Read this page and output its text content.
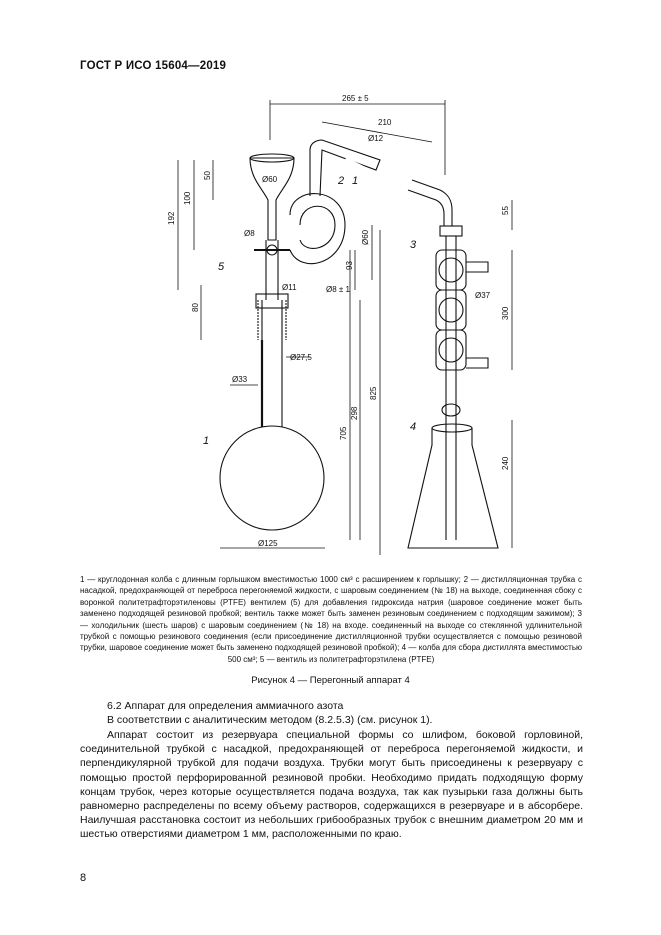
ГОСТ Р ИСО 15604—2019
265 ± 5
210
Ø12
50
100
192
Ø60
Ø8
55
Ø60
93
Ø8 ± 1
Ø11
80
Ø37
300
Ø27,5
Ø33
298
705
825
240
Ø125
1
2 1
3
4
5
1 — круглодонная колба с длинным горлышком вместимостью 1000 см³ с расширением к горлышку; 2 — дистилляционная трубка с насадкой, предохраняющей от переброса перегоняемой жидкости, с шаровым соединением (№ 18) на выходе, соединенная сбоку с воронкой политетрафторэтиленовы (PTFE) вентилем (5) для добавления гидроксида натрия (шаровое соединение может быть заменено подходящей резиновой пробкой; вентиль также может быть заменен резиновым соединением с подходящим зажимом); 3 — холодильник (шесть шаров) с шаровым соединением (№ 18) на входе. соединенный на выходе со стеклянной удлинительной трубкой с помощью резинового соединения (если присоединение дистилляционной трубки осуществляется с помощью резиновой трубки, шаровое соединение может быть заменено подходящей резиновой пробкой); 4 — колба для сбора дистиллята вместимостью 500 см³; 5 — вентиль из политетрафторэтилена (PTFE)
Рисунок 4 — Перегонный аппарат 4
6.2 Аппарат для определения аммиачного азота
В соответствии с аналитическим методом (8.2.5.3) (см. рисунок 1).
Аппарат состоит из резервуара специальной формы со шлифом, боковой горловиной, соединительной трубкой с насадкой, предохраняющей от переброса перегоняемой жидкости, и перпендикулярной трубкой для подачи воздуха. Трубки могут быть присоединены к резервуару с помощью простой перфорированной резиновой пробки. Необходимо придать подходящую форму концам трубок, через которые осуществляется подача воздуха, так как пузырьки газа должны быть равномерно распределены по всему объему растворов, содержащихся в резервуаре и в абсорбере. Наилучшая расстановка состоит из небольших грибообразных трубок с внешним диаметром 20 мм и шестью отверстиями диаметром 1 мм, расположенными по краю.
8
